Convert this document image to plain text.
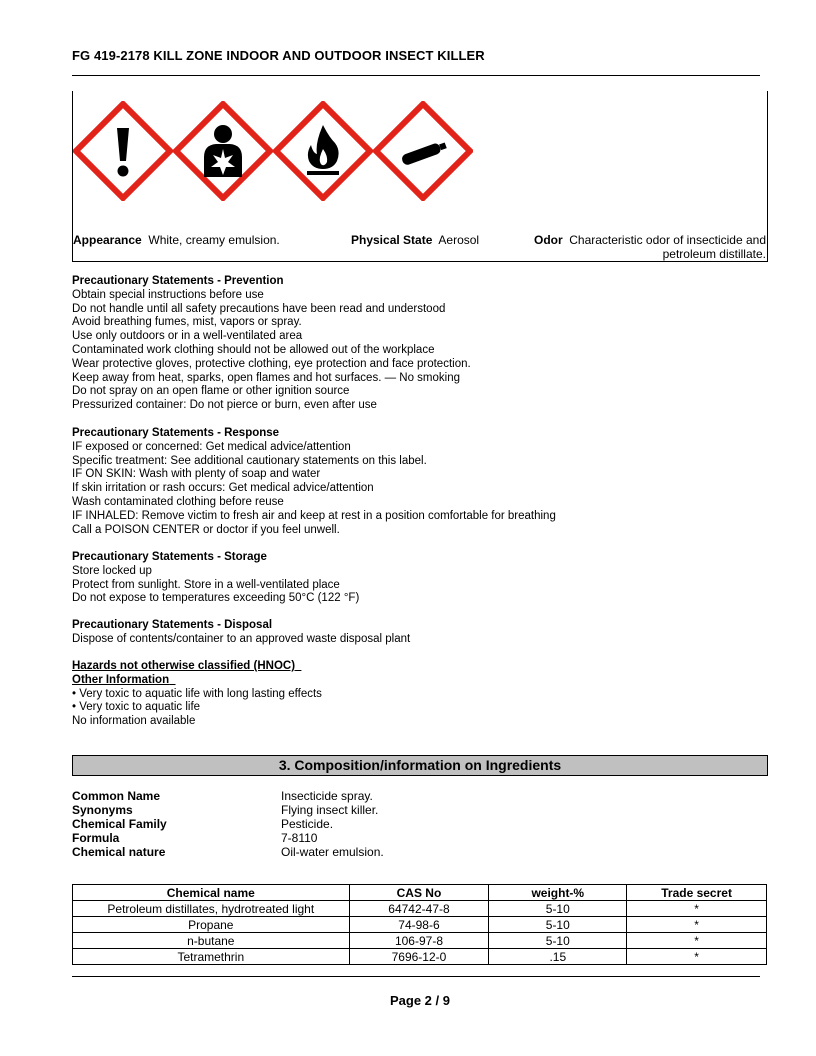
FG 419-2178 KILL ZONE INDOOR AND OUTDOOR INSECT KILLER
Appearance White, creamy emulsion.	Physical State Aerosol	Odor Characteristic odor of insecticide and
petroleum distillate.
Precautionary Statements - Prevention
Obtain special instructions before use
Do not handle until all safety precautions have been read and understood
Avoid breathing fumes, mist, vapors or spray.
Use only outdoors or in a well-ventilated area
Contaminated work clothing should not be allowed out of the workplace
Wear protective gloves, protective clothing, eye protection and face protection.
Keep away from heat, sparks, open flames and hot surfaces. — No smoking
Do not spray on an open flame or other ignition source
Pressurized container: Do not pierce or burn, even after use
Precautionary Statements - Response
IF exposed or concerned: Get medical advice/attention
Specific treatment: See additional cautionary statements on this label.
IF ON SKIN: Wash with plenty of soap and water
If skin irritation or rash occurs: Get medical advice/attention
Wash contaminated clothing before reuse
IF INHALED: Remove victim to fresh air and keep at rest in a position comfortable for breathing
Call a POISON CENTER or doctor if you feel unwell.
Precautionary Statements - Storage
Store locked up
Protect from sunlight. Store in a well-ventilated place
Do not expose to temperatures exceeding 50°C (122 °F)
Precautionary Statements - Disposal
Dispose of contents/container to an approved waste disposal plant
Hazards not otherwise classified (HNOC)
Other Information
• Very toxic to aquatic life with long lasting effects
• Very toxic to aquatic life
No information available
3. Composition/information on Ingredients
Common Name	Insecticide spray.
Synonyms	Flying insect killer.
Chemical Family	Pesticide.
Formula	7-8110
Chemical nature	Oil-water emulsion.
Chemical name	CAS No	weight-%	Trade secret
Petroleum distillates, hydrotreated light	64742-47-8	5-10	*
Propane	74-98-6	5-10	*
n-butane	106-97-8	5-10	*
Tetramethrin	7696-12-0	.15	*
Page 2 / 9
